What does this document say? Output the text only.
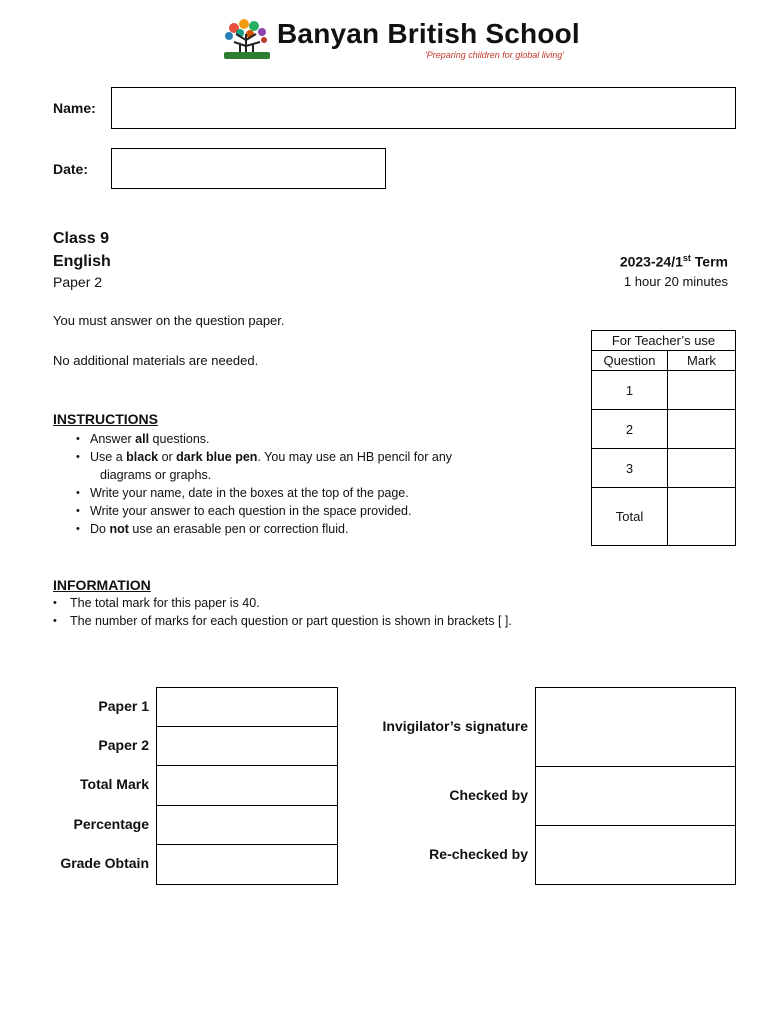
Banyan British School
'Preparing children for global living'
Name:
Date:
Class 9
English
Paper 2
2023-24/1st Term
1 hour 20 minutes
You must answer on the question paper.
No additional materials are needed.
For Teacher’s use	
Question	Mark
1	
2	
3	
Total	
INSTRUCTIONS
• Answer all questions.
• Use a black or dark blue pen. You may use an HB pencil for any
diagrams or graphs.
• Write your name, date in the boxes at the top of the page.
• Write your answer to each question in the space provided.
• Do not use an erasable pen or correction fluid.
INFORMATION
• The total mark for this paper is 40.
• The number of marks for each question or part question is shown in brackets [ ].
Paper 1
Paper 2
Total Mark
Percentage
Grade Obtain
Invigilator’s signature
Checked by
Re-checked by
